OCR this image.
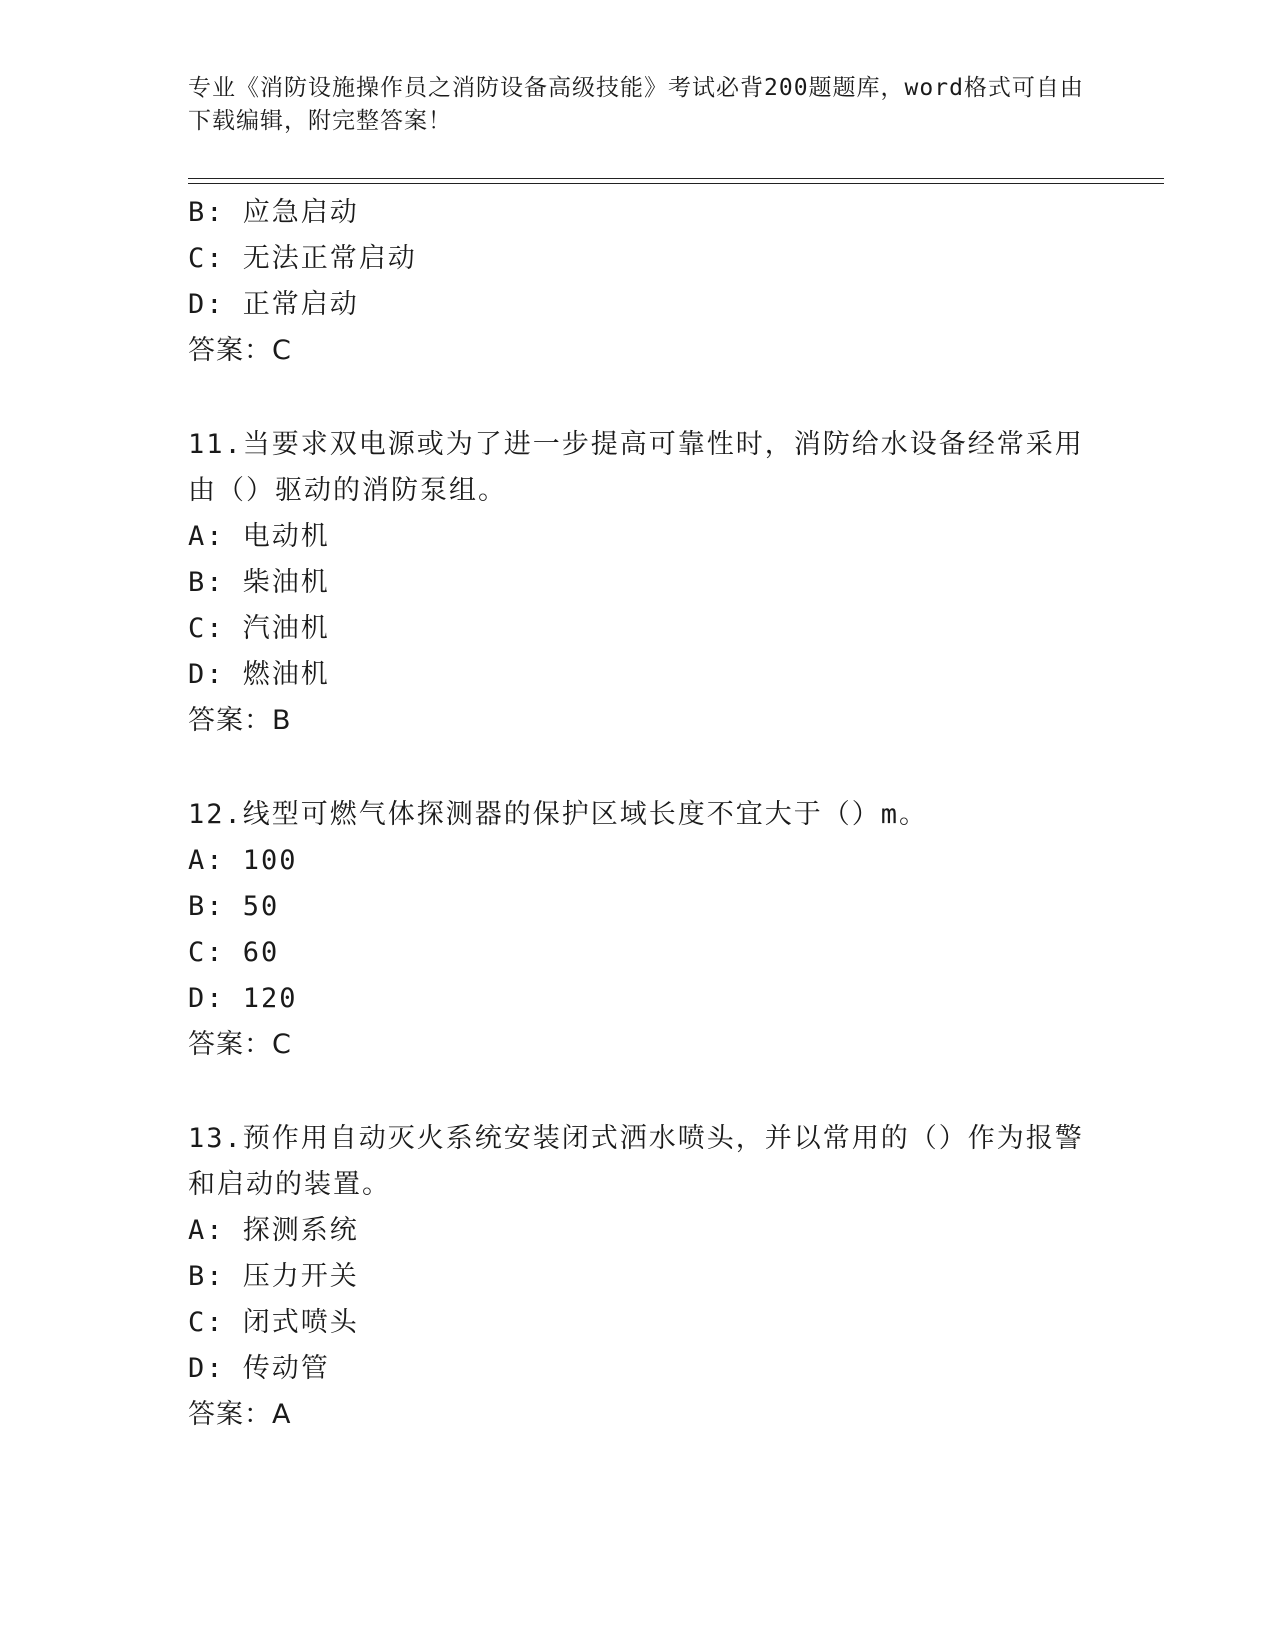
专业《消防设施操作员之消防设备高级技能》考试必背200题题库，word格式可自由下载编辑，附完整答案！
B: 应急启动
C: 无法正常启动
D: 正常启动
答案：C
11.当要求双电源或为了进一步提高可靠性时，消防给水设备经常采用由（）驱动的消防泵组。
A: 电动机
B: 柴油机
C: 汽油机
D: 燃油机
答案：B
12.线型可燃气体探测器的保护区域长度不宜大于（）m。
A: 100
B: 50
C: 60
D: 120
答案：C
13.预作用自动灭火系统安装闭式洒水喷头，并以常用的（）作为报警和启动的装置。
A: 探测系统
B: 压力开关
C: 闭式喷头
D: 传动管
答案：A
